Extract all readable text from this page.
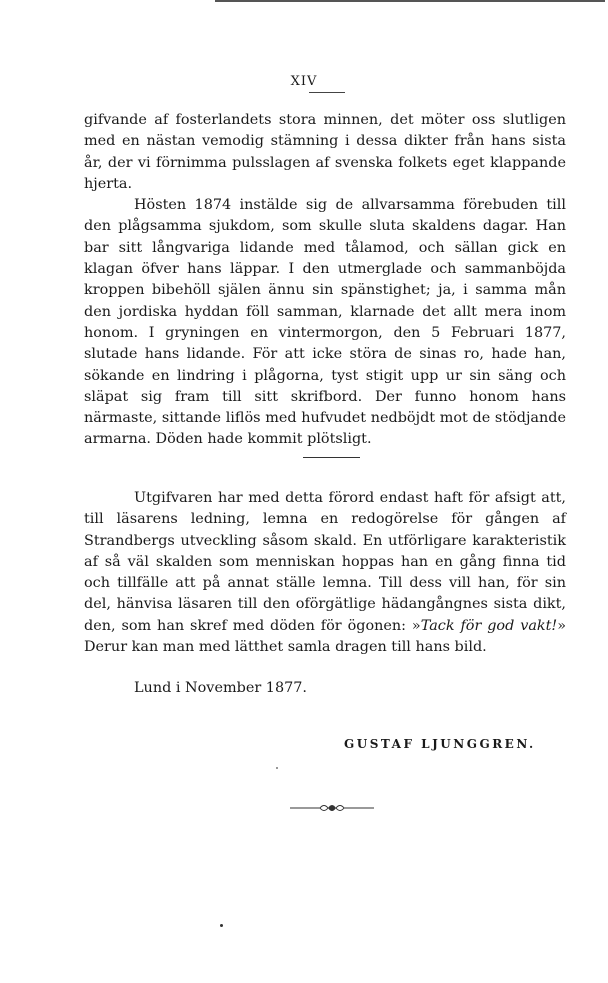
XIV

gifvande af fosterlandets stora minnen, det möter oss slutligen med en nästan vemodig stämning i dessa dikter från hans sista år, der vi förnimma pulsslagen af svenska folkets eget klappande hjerta.

Hösten 1874 instälde sig de allvarsamma förebuden till den plågsamma sjukdom, som skulle sluta skaldens dagar. Han bar sitt långvariga lidande med tålamod, och sällan gick en klagan öfver hans läppar. I den utmerglade och sammanböjda kroppen bibehöll själen ännu sin spänstighet; ja, i samma mån den jordiska hyddan föll samman, klarnade det allt mera inom honom. I gryningen en vintermorgon, den 5 Februari 1877, slutade hans lidande. För att icke störa de sinas ro, hade han, sökande en lindring i plågorna, tyst stigit upp ur sin säng och släpat sig fram till sitt skrifbord. Der funno honom hans närmaste, sittande liflös med hufvudet nedböjdt mot de stödjande armarna. Döden hade kommit plötsligt.

Utgifvaren har med detta förord endast haft för afsigt att, till läsarens ledning, lemna en redogörelse för gången af Strandbergs utveckling såsom skald. En utförligare karakteristik af så väl skalden som menniskan hoppas han en gång finna tid och tillfälle att på annat ställe lemna. Till dess vill han, för sin del, hänvisa läsaren till den oförgätlige hädangångnes sista dikt, den, som han skref med döden för ögonen: »Tack för god vakt!» Derur kan man med lätthet samla dragen till hans bild.

Lund i November 1877.
GUSTAF LJUNGGREN.
